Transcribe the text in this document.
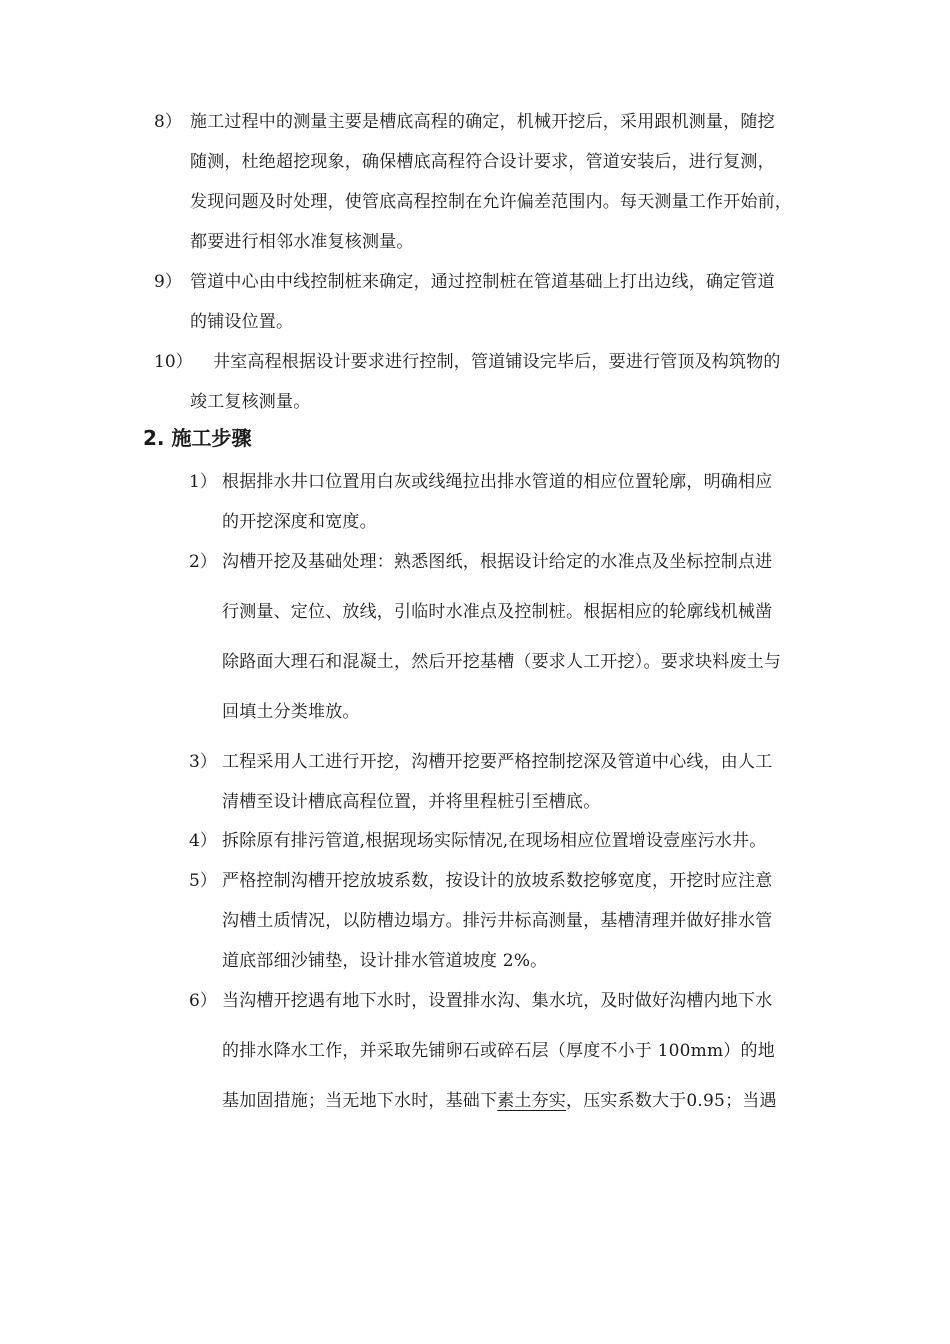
8） 施工过程中的测量主要是槽底高程的确定，机械开挖后，采用跟机测量，随挖
随测，杜绝超挖现象，确保槽底高程符合设计要求，管道安装后，进行复测，
发现问题及时处理，使管底高程控制在允许偏差范围内。每天测量工作开始前，
都要进行相邻水准复核测量。
9） 管道中心由中线控制桩来确定，通过控制桩在管道基础上打出边线，确定管道
的铺设位置。
10） 井室高程根据设计要求进行控制，管道铺设完毕后，要进行管顶及构筑物的
竣工复核测量。
2. 施工步骤
1） 根据排水井口位置用白灰或线绳拉出排水管道的相应位置轮廓，明确相应
的开挖深度和宽度。
2） 沟槽开挖及基础处理：熟悉图纸，根据设计给定的水准点及坐标控制点进
行测量、定位、放线，引临时水准点及控制桩。根据相应的轮廓线机械凿
除路面大理石和混凝土，然后开挖基槽（要求人工开挖）。要求块料废土与
回填土分类堆放。
3） 工程采用人工进行开挖，沟槽开挖要严格控制挖深及管道中心线，由人工
清槽至设计槽底高程位置，并将里程桩引至槽底。
4） 拆除原有排污管道,根据现场实际情况,在现场相应位置增设壹座污水井。
5） 严格控制沟槽开挖放坡系数，按设计的放坡系数挖够宽度，开挖时应注意
沟槽土质情况，以防槽边塌方。排污井标高测量，基槽清理并做好排水管
道底部细沙铺垫，设计排水管道坡度 2%。
6） 当沟槽开挖遇有地下水时，设置排水沟、集水坑，及时做好沟槽内地下水
的排水降水工作，并采取先铺卵石或碎石层（厚度不小于 100mm）的地
基加固措施；当无地下水时，基础下素土夯实，压实系数大于0.95；当遇
